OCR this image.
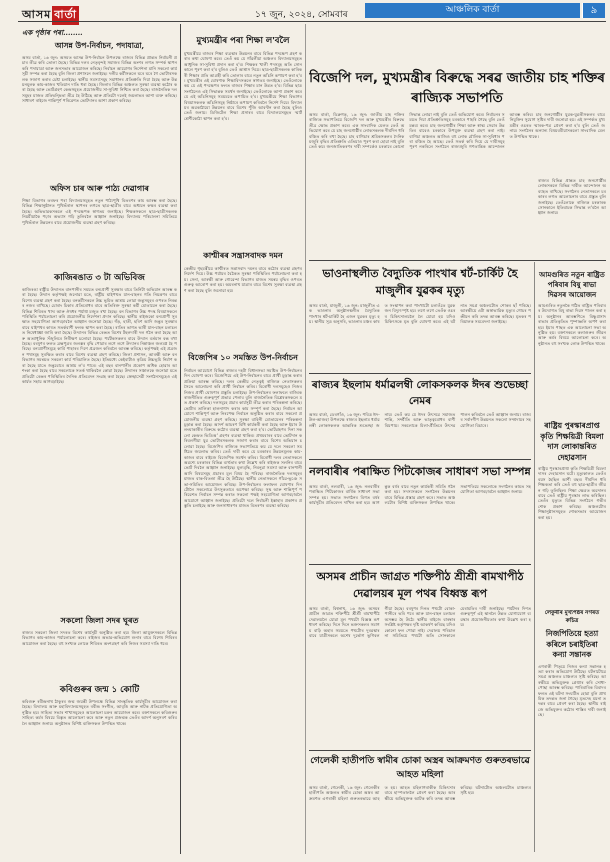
আসম বাৰ্তা	১৭ জুন, ২০২৪, সোমবাৰ	আঞ্চলিক বাৰ্তা	৯
এক পৃষ্ঠাৰ পৰা........
আসন্ন উপ-নিৰ্বাচন, পদাযাত্ৰা,
অসম বাৰ্তা, ১৬ জুন: অসমত আসন্ন উপ-নিৰ্বাচন উপলক্ষে ৰাজ্যৰ বিভিন্ন প্ৰান্তত নিৰ্বাচনী প্ৰচাৰ তীব্ৰ কৰি তোলা হৈছে। বিভিন্ন দলৰ নেতৃবৃন্দই সমাজৰ বিভিন্ন অংশৰ লগত সম্পৰ্ক স্থাপন কৰি পদাযাত্ৰা আৰু জনসভাৰ আয়োজন কৰিছে। নিৰ্বাচন আয়োগৰ নিৰ্দেশনা মানি সকলো কাৰ্যসূচী সম্পন্ন কৰা হৈছে বুলি জিলা প্ৰশাসনে জনাইছে। দলীয় কৰ্মীসকলে ঘৰে ঘৰে গৈ ভোটাৰসকলক সজাগ কৰাৰ চেষ্টা চলাইছে। স্থানীয় সমস্যাসমূহ সমাধানৰ প্ৰতিশ্ৰুতি দিয়া হৈছে আৰু উন্নয়নমূলক কাম-কাজৰ খতিয়ান দাঙি ধৰা হৈছে। জিলাৰ বিভিন্ন অঞ্চলত সুৰক্ষা ব্যৱস্থা কঠোৰ কৰা হৈছে আৰু ভোটগ্ৰহণ কেন্দ্ৰসমূহত প্ৰয়োজনীয় সা-সুবিধা নিশ্চিত কৰা হৈছে। ৰাজনৈতিক দলসমূহৰ মাজত প্ৰতিদ্বন্দ্বিতা তীব্ৰ হৈ উঠিছে আৰু প্ৰতিটো দলেই জয়লাভৰ আশা ব্যক্ত কৰিছে। সাধাৰণ ৰাইজে শান্তিপূৰ্ণ পৰিৱেশত ভোটদানৰ আশা প্ৰকাশ কৰিছে।
অফিস চাৰ আৰু পাঠ্য দেৱাগাৰ
শিক্ষা বিভাগৰ তৰফৰ পৰা বিদ্যালয়সমূহত নতুন পাঠ্যপুথি বিতৰণৰ কাম আৰম্ভ কৰা হৈছে। বিভিন্ন শিক্ষানুষ্ঠানত পুথিভঁৰাল স্থাপনৰ লগতে ছাত্ৰ-ছাত্ৰীৰ বাবে অধ্যয়ন কক্ষৰ ব্যৱস্থা কৰা হৈছে। অভিভাৱকসকলে এই পদক্ষেপক স্বাগতম জনাইছে। শিক্ষকসকলে ছাত্ৰ-ছাত্ৰীসকলক নিয়মীয়াকৈ পঢ়াৰ অভ্যাস গঢ়ি তুলিবলৈ আহ্বান জনাইছে। বিদ্যালয় পৰিচালনা সমিতিয়ে পুথিভঁৰাল উন্নয়নৰ বাবে প্ৰয়োজনীয় ব্যৱস্থা গ্ৰহণ কৰিছে।
কাজিৰঙাত ৩ টা অভিবিজ
কাজিৰঙা ৰাষ্ট্ৰীয় উদ্যানত বানপানীৰ সময়ত বন্যপ্ৰাণী সুৰক্ষাৰ বাবে তিনিটা অভিযান আৰম্ভ কৰা হৈছে। উদ্যান কৰ্তৃপক্ষই জনোৱা মতে, ৰাষ্ট্ৰীয় ঘাইপথত যান-বাহনৰ গতি নিয়ন্ত্ৰণৰ বাবে বিশেষ ব্যৱস্থা গ্ৰহণ কৰা হৈছে। বনকৰ্মীসকলে উচ্চ ভূমিত আশ্ৰয় লোৱা জন্তুসমূহৰ ওপৰত নিৰন্তৰ নজৰ ৰাখিছে। চোৰাং চিকাৰ প্ৰতিৰোধৰ বাবে অতিৰিক্ত সুৰক্ষা কৰ্মী মোতায়েন কৰা হৈছে। বিভিন্ন শিবিৰত খাদ্য আৰু ঔষধৰ পৰ্যাপ্ত মজুত ৰখা হৈছে। বন বিভাগৰ উচ্চ পদস্থ বিষয়াসকলে পৰিস্থিতি পৰ্যালোচনা কৰি প্ৰয়োজনীয় নিৰ্দেশনা প্ৰদান কৰিছে। স্থানীয় ৰাইজকো বন্যপ্ৰাণী সুৰক্ষাত সহযোগিতা আগবঢ়াবলৈ আহ্বান জনোৱা হৈছে। গঁড়, হাতী, হৰিণ আদি জন্তুৰ সুৰক্ষাৰ বাবে ঘাইপথৰ কাষত সতৰ্কবাণী ফলক স্থাপন কৰা হৈছে। ৰাতিৰ ভাগত ভাৰী যান-বাহন চলাচলত নিষেধাজ্ঞা জাৰি কৰা হৈছে। উদ্যানৰ বিভিন্ন ৰেঞ্জত বিশেষ টহলদাৰী দল গঠন কৰা হৈছে আৰু অত্যাধুনিক সঁজুলিৰে নিৰীক্ষণ চলোৱা হৈছে। পৰ্যটকসকলৰ বাবে উদ্যান বৰ্তমান বন্ধ ৰখা হৈছে। বৰষুণৰ ফলত ব্ৰহ্মপুত্ৰৰ জলস্তৰ বৃদ্ধি পোৱাৰ লগে লগে উদ্যানৰ নিম্নাঞ্চল জলমগ্ন হৈ পৰিছে। বন্যপ্ৰাণীসমূহে কাৰ্বি পাহাৰৰ দিশে প্ৰব্ৰজন কৰিবলৈ আৰম্ভ কৰিছে। কৰ্তৃপক্ষই এই প্ৰব্ৰজন পথসমূহ সুৰক্ষিত কৰাৰ বাবে বিশেষ ব্যৱস্থা গ্ৰহণ কৰিছে। জিলা প্ৰশাসন, আৰক্ষী আৰু বন বিভাগৰ সমন্বয়ত সকলো কাৰ্য পৰিচালিত হৈছে। ইতিমধ্যে কেইবাটাও কৃত্ৰিম উচ্চভূমি নিৰ্মাণ কৰা হৈছে যাতে জন্তুবোৰে আশ্ৰয় ল'ব পাৰে। এই বছৰ বানপানীৰ প্ৰকোপ অধিক হোৱাৰ আশংকা কৰা হৈছে বাবে সকলোকে সতৰ্ক থাকিবলৈ কোৱা হৈছে। উদ্যানৰ সঞ্চালকে জনোৱা মতে প্ৰতিটো ৰেঞ্জৰ পৰিস্থিতিৰ দৈনিক প্ৰতিবেদন সংগ্ৰহ কৰা হৈছে। স্বেচ্ছাসেৱী সংগঠনসমূহেও এই কাৰ্যত সহায় আগবঢ়াইছে।
সকলো জিলা সদৰ ঘূৰত
ৰাজ্যৰ সকলো জিলা সদৰত বিশেষ কাৰ্যসূচী অনুষ্ঠিত কৰা হয়। জিলা আয়ুক্তসকলে বিভিন্ন বিভাগৰ কাম-কাজৰ পৰ্যালোচনা কৰে। ৰাইজৰ অভাৱ-অভিযোগ শুনাৰ বাবে বিশেষ শিবিৰৰ আয়োজন কৰা হৈছে। বহু সংখ্যক লোকে শিবিৰত অংশগ্ৰহণ কৰি নিজৰ সমস্যা দাঙি ধৰে।
কবিগুৰুৰ জন্ম ১ কোটি
কবিগুৰু ৰবীন্দ্ৰনাথ ঠাকুৰৰ জন্ম জয়ন্তী উপলক্ষে বিভিন্ন সাংস্কৃতিক কাৰ্যসূচীৰ আয়োজন কৰা হৈছে। বিদ্যালয় আৰু মহাবিদ্যালয়সমূহত ৰবীন্দ্ৰ সংগীত, আবৃত্তি আৰু নাটক প্ৰতিযোগিতা অনুষ্ঠিত হয়। সাহিত্য সভাৰ শাখাসমূহেও আলোচনা চক্ৰৰ আয়োজন কৰে। বক্তাসকলে কবিগুৰুৰ সাহিত্য কৰ্মৰ বিষয়ে বিস্তৃত আলোচনা কৰে আৰু নতুন প্ৰজন্মক তেওঁৰ আদৰ্শ অনুসৰণ কৰিবলৈ আহ্বান জনায়। অনুষ্ঠানত বিশিষ্ট ব্যক্তিসকল উপস্থিত থাকে।
মুখ্যমন্ত্ৰীৰ পৰা শিক্ষা ল'বলৈ
মুখ্যমন্ত্ৰীয়ে ৰাজ্যৰ শিক্ষা ব্যৱস্থাৰ উন্নয়নৰ বাবে বিভিন্ন পদক্ষেপ গ্ৰহণ কৰাৰ কথা ঘোষণা কৰে। তেওঁ কয় যে গাঁৱলীয়া অঞ্চলৰ বিদ্যালয়সমূহত আধুনিক সা-সুবিধা প্ৰদান কৰা হ'ব। শিক্ষকৰ খালী পদসমূহ অতি সোনকালে পূৰণ কৰা হ'ব বুলিও তেওঁ আশ্বাস দিয়ে। ছাত্ৰ-ছাত্ৰীসকলক কাৰিকৰী শিক্ষাৰ প্ৰতি আগ্ৰহী কৰি তোলাৰ বাবে নতুন আঁচনি ৰূপায়ণ কৰা হ'ব। মুখ্যমন্ত্ৰীৰ এই ঘোষণাক শিক্ষাবিদসকলে স্বাগতম জনাইছে। তেওঁলোকে কয় যে এই পদক্ষেপৰ ফলত ৰাজ্যৰ শিক্ষাৰ মান উন্নত হ'ব। বিভিন্ন ছাত্ৰ সংগঠনেও এই সিদ্ধান্তক সমৰ্থন জনাইছে। তেওঁলোকে আশা প্ৰকাশ কৰে যে এই আঁচনিসমূহ সময়মতে ৰূপায়িত হ'ব। মুখ্যমন্ত্ৰীয়ে শিক্ষা বিভাগৰ বিষয়াসকলক আঁচনিসমূহ নিষ্ঠাৰে ৰূপায়ণ কৰিবলৈ নিৰ্দেশ দিয়ে। বিদ্যালয়ৰ অৱকাঠামো উন্নয়নৰ বাবে বিশেষ পুঁজি আবণ্টন কৰা হৈছে বুলিও তেওঁ জনায়। ডিজিটেল শিক্ষা প্ৰসাৰৰ বাবে বিদ্যালয়সমূহত স্মাৰ্ট শ্ৰেণীকোঠা স্থাপন কৰা হ'ব।
কাশ্মীৰৰ সন্ত্ৰাসবাদক দমন
কেন্দ্ৰীয় গৃহমন্ত্ৰীয়ে কাশ্মীৰত সন্ত্ৰাসবাদ দমনৰ বাবে কঠোৰ ব্যৱস্থা গ্ৰহণৰ নিৰ্দেশ দিয়ে। উচ্চ পৰ্যায়ৰ বৈঠকত সুৰক্ষা পৰিস্থিতিৰ পৰ্যালোচনা কৰা হয়। সেনা, আৰক্ষী আৰু গোৱেন্দা বিভাগৰ মাজত সমন্বয় বৃদ্ধিৰ ওপৰত গুৰুত্ব আৰোপ কৰা হয়। অমৰনাথ যাত্ৰাৰ বাবে বিশেষ সুৰক্ষা ব্যৱস্থা গ্ৰহণ কৰা হৈছে বুলি জনোৱা হয়।
বিজেপিৰ ১০ সমস্তিত উপ-নিৰ্বাচন
নিৰ্বাচন আয়োগে বিভিন্ন ৰাজ্যৰ দহটা বিধানসভা সমষ্টিত উপ-নিৰ্বাচনৰ দিন ঘোষণা কৰে। বিজেপিয়ে এই উপ-নিৰ্বাচনৰ বাবে প্ৰাৰ্থী চূড়ান্ত কৰাৰ প্ৰক্ৰিয়া আৰম্ভ কৰিছে। দলৰ কেন্দ্ৰীয় নেতৃত্বই ৰাজ্যিক নেতাসকলৰ সৈতে আলোচনা কৰি প্ৰাৰ্থী নিৰ্বাচন কৰিব। বিৰোধী দলসমূহেও নিজৰ নিজৰ প্ৰাৰ্থী ঘোষণাৰ প্ৰস্তুতি চলাইছে। উপ-নিৰ্বাচনৰ ফলাফলে ৰাজ্যিক ৰাজনীতিত গুৰুত্বপূৰ্ণ প্ৰভাৱ পেলাব বুলি ৰাজনৈতিক বিশ্লেষকসকলে মত প্ৰকাশ কৰিছে। দলসমূহে প্ৰচাৰ কাৰ্যসূচী তীব্ৰ কৰাৰ পৰিকল্পনা কৰিছে। ভোটাৰ তালিকা হালনাগাদ কৰাৰ কাম সম্পূৰ্ণ কৰা হৈছে। নিৰ্বাচন আয়োগে শান্তিপূৰ্ণ আৰু নিৰপেক্ষ নিৰ্বাচন অনুষ্ঠিত কৰাৰ বাবে সকলো প্ৰয়োজনীয় ব্যৱস্থা গ্ৰহণ কৰিছে। সুৰক্ষা বাহিনী মোতায়েনৰ পৰিকল্পনা চূড়ান্ত কৰা হৈছে। আদৰ্শ আচৰণ বিধি কাৰ্যকৰী কৰা হৈছে আৰু ইয়াৰ উলংঘাকাৰীৰ বিৰুদ্ধে কঠোৰ ব্যৱস্থা গ্ৰহণ কৰা হ'ব। ভোটগ্ৰহণৰ দিনা সকলো কেন্দ্ৰত ভিডিঅ' গ্ৰহণৰ ব্যৱস্থা থাকিব। প্ৰথমবাৰৰ বাবে ভোটদান কৰিবলগীয়া যুৱ ভোটাৰসকলক সজাগ কৰাৰ বাবে বিশেষ অভিযান চলোৱা হৈছে। বিজেপিৰ ৰাজ্যিক সভাপতিয়ে কয় যে দলে সকলো সমষ্টিতে জয়লাভ কৰিব। তেওঁ দাবী কৰে যে চৰকাৰৰ উন্নয়নমূলক কাম-কাজৰ বাবে ৰাইজে বিজেপিক সমৰ্থন কৰিব। বিৰোধী দলৰ নেতাসকলে অৱশ্যে চৰকাৰৰ বিভিন্ন ব্যৰ্থতাৰ কথা উল্লেখ কৰি ৰাইজক সলনিৰ বাবে ভোট দিবলৈ আহ্বান জনাইছে। মূল্যবৃদ্ধি, নিবনুৱা সমস্যা আৰু বানপানী আদি বিষয়সমূহ প্ৰচাৰৰ মূল বিষয় হৈ পৰিছে। ৰাজনৈতিক দলসমূহৰ মাজত বাক-বিতণ্ডা তীব্ৰ হৈ উঠিছে। স্থানীয় নেতাসকলে গাঁৱে-ভূঞে সভা-সমিতিৰ আয়োজন কৰিছে। উপ-নিৰ্বাচনৰ ফলাফল ঘোষণাৰ দিনটোলৈ সকলোৱে উৎসুকতাৰে অপেক্ষা কৰিছে। সুস্থ আৰু শান্তিপূৰ্ণ পৰিৱেশত নিৰ্বাচন সম্পন্ন কৰাত সকলো পক্ষই সহযোগিতা আগবঢ়াবলৈ আয়োগে আহ্বান জনাইছে। প্ৰতিটো দলে নিৰ্বাচনী ইস্তাহাৰ প্ৰকাশৰ প্ৰস্তুতি চলাইছে আৰু জনসাধাৰণৰ মাজত বিতৰণৰ ব্যৱস্থা কৰিছে।
বিজেপি দল, মুখ্যমন্ত্ৰীৰ বিৰুদ্ধে সৰৱ জাতীয় চাহ শক্তিৰ ৰাজ্যিক সভাপতি
অসম বাৰ্তা, ডিব্ৰুগড়, ১৬ জুন: জাতীয় চাহ শক্তিৰ ৰাজ্যিক সভাপতিয়ে বিজেপি দল আৰু মুখ্যমন্ত্ৰীৰ বিৰুদ্ধে তীব্ৰ ক্ষোভ প্ৰকাশ কৰে। এক সাংবাদিক মেলত তেওঁ অভিযোগ কৰে যে চাহ জনগোষ্ঠীৰ লোকসকলক দীৰ্ঘদিন ধৰি বঞ্চিত কৰি ৰখা হৈছে। চাহ বাগিচাৰ শ্ৰমিকসকলৰ দৈনিক মজুৰি বৃদ্ধিৰ প্ৰতিশ্ৰুতি এতিয়াও পূৰণ কৰা হোৱা নাই বুলি তেওঁ কয়। জনজাতিকৰণৰ দাবী সম্পৰ্কেও চৰকাৰে কোনো সিদ্ধান্ত লোৱা নাই বুলি তেওঁ অভিযোগ কৰে। নিৰ্বাচনৰ সময়ত দিয়া প্ৰতিশ্ৰুতিসমূহ চৰকাৰে পাহৰি গৈছে বুলি তেওঁ মন্তব্য কৰে। চাহ জনগোষ্ঠীৰ শিক্ষা আৰু স্বাস্থ্য সেৱাৰ উন্নতিৰ বাবেও চৰকাৰে উপযুক্ত ব্যৱস্থা গ্ৰহণ কৰা নাই। বাগিচা অঞ্চলত আজিও বহু লোক মৌলিক সা-সুবিধাৰ পৰা বঞ্চিত হৈ আছে। তেওঁ সতৰ্ক কৰি দিয়ে যে দাবীসমূহ পূৰণ নকৰিলে সংগঠনে ৰাজ্যজুৰি গণতান্ত্ৰিক আন্দোলন আৰম্ভ কৰিব। চাহ জনগোষ্ঠীৰ যুৱক-যুৱতীসকলৰ বাবে নিযুক্তিৰ সুযোগ সৃষ্টিৰ দাবী জনোৱা হয়। এই সম্পৰ্কত মুখ্যমন্ত্ৰীৰ ওচৰত স্মাৰক-পত্ৰ প্ৰেৰণ কৰা হ'ব বুলি তেওঁ জনায়। সংগঠনৰ অন্যান্য বিষয়ববীয়াসকলো সাংবাদিক মেলত উপস্থিত থাকে।
ভাওনাস্থলীত বৈদ্যুতিক পাংখাৰ শ্বৰ্ট-চাৰ্কিট হৈ মাজুলীৰ যুৱকৰ মৃত্যু
অসম বাৰ্তা, মাজুলী, ১৬ জুন: মাজুলীত এক ভাওনাৰ অনুষ্ঠানস্থলীত বৈদ্যুতিক পাংখাৰ শ্বৰ্ট-চাৰ্কিট হৈ এজন যুৱকৰ মৃত্যু হয়। স্থানীয় সূত্ৰ অনুসৰি, ভাওনাৰ মঞ্চৰ কাষত সংস্থাপন কৰা পাংখাটো চলাওঁতে যুৱকজন বিদ্যুৎস্পৃষ্ট হয়। লগে লগে তেওঁক ওচৰৰ চিকিৎসালয়লৈ লৈ যোৱা হয় যদিও চিকিৎসকে মৃত বুলি ঘোষণা কৰে। এই ঘটনাত সমগ্ৰ অঞ্চলটোত শোকৰ ছাঁ পৰিছে। আৰক্ষীয়ে এটা অস্বাভাৱিক মৃত্যুৰ গোচৰ পঞ্জীয়ন কৰি তদন্ত আৰম্ভ কৰিছে। মৃতকৰ পৰিয়ালক সমবেদনা জনাইছে।
ৰাজ্যৰ বিভিন্ন প্ৰান্তত চাহ জনগোষ্ঠীৰ লোকসকলে বিভিন্ন দাবীত আন্দোলন অব্যাহত ৰাখিছে। সংগঠনৰ নেতাসকলে চৰকাৰৰ লগত আলোচনাৰ বাবে প্ৰস্তুত বুলি জনাইছে। তেওঁলোকে ৰাজ্যিক চৰকাৰক সোনকালে ইতিবাচক সিদ্ধান্ত ল'বলৈ আহ্বান জনায়।
আমগুৰিত নতুন ৰাষ্ট্ৰিত পৰিবাৰ বিষু ৰাভা দিৱসৰ আয়োজন
আমগুৰিত নতুনকৈ গঠিত ৰাষ্ট্ৰিত পৰিবাৰৰ উদ্যোগত বিষু ৰাভা দিৱস পালন কৰা হয়। অনুষ্ঠানৰ আৰম্ভণিতে বিষ্ণুপ্ৰসাদ ৰাভাৰ প্ৰতিকৃতিত পুষ্পাঞ্জলি অৰ্পণ কৰা হয়। ইয়াৰ পাছত এক আলোচনা সভা অনুষ্ঠিত হয়। বক্তাসকলে কলাগুৰুৰ জীৱন আৰু কৰ্মৰ বিষয়ে আলোচনা কৰে। অনুষ্ঠানত বহু সংখ্যক লোক উপস্থিত থাকে।
ৰাষ্ট্ৰিয় পুৰস্কাৰপ্ৰাপ্ত কৃতি শিক্ষয়িত্ৰী বিমলা দাস লোকান্তৰিত দেহাৱসান
ৰাষ্ট্ৰিয় পুৰস্কাৰপ্ৰাপ্ত কৃতি শিক্ষয়িত্ৰী বিমলা দাসৰ দেহাৱসান ঘটে। মৃত্যুকালত তেওঁৰ বয়স হৈছিল আশী বছৰ। দীৰ্ঘদিন ধৰি শিক্ষকতা কৰি তেওঁ বহু ছাত্ৰ-ছাত্ৰীৰ জীৱন গঢ়ি তুলিছিল। শিক্ষা ক্ষেত্ৰত অৱদানৰ বাবে তেওঁ ৰাষ্ট্ৰীয় পুৰস্কাৰ লাভ কৰিছিল। তেওঁৰ মৃত্যুত বিভিন্ন সংগঠনে গভীৰ শোক প্ৰকাশ কৰিছে। অঞ্চলটোৰ শিক্ষানুষ্ঠানসমূহত শোকসভাৰ আয়োজন কৰা হয়।
লেকুৰীৰ মুখ্যপষ্ঠৰ নগৰত ৰুচিত্ৰ
নিজপিতিয়ে হত্যা কৰিলে চৰাইতিৰা কন্যা সন্তানক
এগৰাকী পিতৃয়ে নিজৰ কন্যা সন্তানক হত্যা কৰাৰ অভিযোগ উঠিছে। ঘটনাটোৱে সমগ্ৰ অঞ্চলত চাঞ্চল্যৰ সৃষ্টি কৰিছে। আৰক্ষীয়ে অভিযুক্তক গ্ৰেপ্তাৰ কৰি সোধা-পোছা আৰম্ভ কৰিছে। পাৰিবাৰিক বিবাদৰ ফলত এই ঘটনা সংঘটিত হোৱা বুলি প্ৰাথমিক তদন্তত জনা গৈছে। মৃতদেহ ময়না তদন্তৰ বাবে প্ৰেৰণ কৰা হৈছে। স্থানীয় ৰাইজে অভিযুক্তৰ কঠোৰ শাস্তিৰ দাবী জনাইছে।
ৰাজ্যৰ ইছলাম ধৰ্মাৱলম্বী লোকসকলক ঈদৰ শুভেচ্ছা নেমৰ
অসম বাৰ্তা, ডেৰগাঁও, ১৬ জুন: পবিত্ৰ ঈদ-উল-আজহা উপলক্ষে ৰাজ্যৰ ইছলাম ধৰ্মাৱলম্বী লোকসকলক আন্তৰিক শুভেচ্ছা জনায়। তেওঁ কয় যে ঈদৰ উৎসৱে সমাজত শান্তি, সম্প্ৰীতি আৰু ভাতৃত্ববোধৰ বাণী বিয়পায়। সকলোকে মিলা-প্ৰীতিৰে উৎসৱ পালন কৰিবলৈ তেওঁ আহ্বান জনায়। ৰাজ্যৰ সৰ্বাংগীণ উন্নয়নত সকলো সম্প্ৰদায়ৰ সহযোগিতা বিচাৰে।
নলবাৰীৰ পৰাক্ষিত পিটকোজৰ সাধাৰণ সভা সম্পন্ন
অসম বাৰ্তা, নলবাৰী, ১৬ জুন: নলবাৰীৰ পৰাক্ষিত পিটকোজৰ বাৰ্ষিক সাধাৰণ সভা সম্পন্ন হয়। সভাত সংগঠনৰ বিগত বৰ্ষৰ কাৰ্যসূচীৰ প্ৰতিবেদন দাখিল কৰা হয়। আগন্তুক বৰ্ষৰ বাবে নতুন কাৰ্যকৰী সমিতি গঠন কৰা হয়। সদস্যসকলে সংগঠনৰ উন্নয়নৰ বাবে বিভিন্ন প্ৰস্তাৱ গ্ৰহণ কৰে। সভাত অঞ্চলটোৰ বিশিষ্ট ব্যক্তিসকল উপস্থিত থাকে। সভাপতিয়ে সকলোকে সংগঠনৰ কামত সহযোগিতা আগবঢ়াবলৈ আহ্বান জনায়।
অসমৰ প্ৰাচীন জাগ্ৰত শক্তিপীঠ শ্ৰীশ্ৰী ৰামখাপীঠ দেৱালয়ৰ মূল পথৰ বিধ্বস্ত ৰূপ
অসম বাৰ্তা, বিশ্বনাথ, ১৬ জুন: অসমৰ প্ৰাচীন জাগ্ৰত শক্তিপীঠ শ্ৰীশ্ৰী ৰামখাপীঠ দেৱালয়লৈ যোৱা মূল পথটো বিধ্বস্ত ৰূপ ধাৰণ কৰিছে। দিনে দিনে ভক্তসকলৰ সমাগম বাঢ়ি অহাৰ সময়তে পথটোৰ দুৰৱস্থাৰ বাবে যাত্ৰীসকলে অশেষ দুৰ্ভোগ ভুগিবলগীয়া হৈছে। বৰষুণৰ দিনত পথটো বোকা-পানীৰে ভৰি পৰে আৰু যান-বাহন চলাচল অসম্ভৱ হৈ উঠে। স্থানীয় ৰাইজে বাৰম্বাৰ সংশ্লিষ্ট কৰ্তৃপক্ষৰ দৃষ্টি আকৰ্ষণ কৰিছে যদিও কোনো ফল পোৱা নাই। দেৱালয় পৰিচালনা সমিতিয়ে পথটো অতি সোনকালে মেৰামতিৰ দাবী জনাইছে। পৰ্যটনৰ দিশত গুৰুত্বপূৰ্ণ এই স্থানলৈ উন্নত যোগাযোগ ব্যৱস্থাৰ প্ৰয়োজনীয়তাৰ কথা উল্লেখ কৰা হয়।
গেলেকী হাতীপতি স্বামীৰ চোকা অস্ত্ৰৰ আক্ৰমণত গুৰুতৰভাৱে আহত মহিলা
অসম বাৰ্তা, গেলেকী, ১৬ জুন: গেলেকীৰ হাতীপতি অঞ্চলত স্বামীৰ চোকা অস্ত্ৰৰ আক্ৰমণত এগৰাকী মহিলা গুৰুতৰভাৱে আহত হয়। আহত মহিলাগৰাকীক চিকিৎসাৰ বাবে হাস্পতাললৈ প্ৰেৰণ কৰা হৈছে। আৰক্ষীয়ে অভিযুক্তক আটক কৰি তদন্ত আৰম্ভ কৰিছে। ঘটনাটোত অঞ্চলটোত চাঞ্চল্যৰ সৃষ্টি হয়।
